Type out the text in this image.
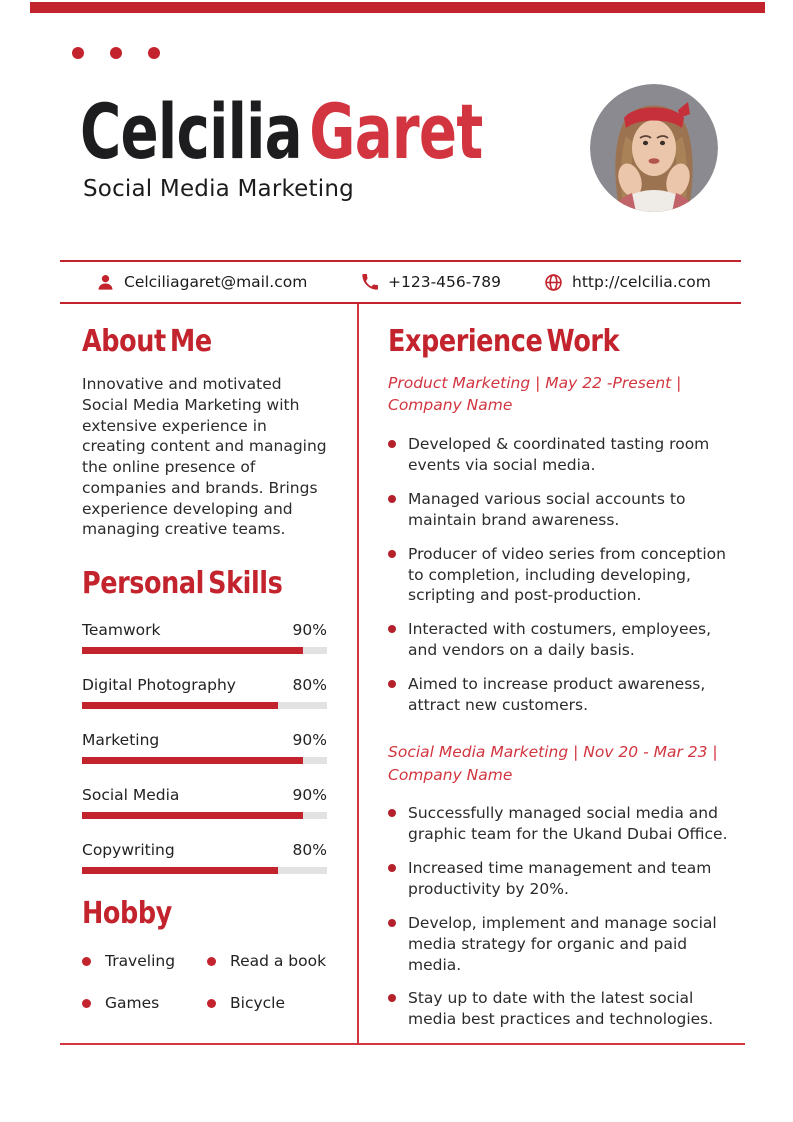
CelciliaGaret
Social Media Marketing
Celciliagaret@mail.com	+123-456-789	http://celcilia.com
About Me

Innovative and motivated Social Media Marketing with extensive experience in creating content and managing the online presence of companies and brands. Brings experience developing and managing creative teams.

Personal Skills
Teamwork	90%
Digital Photography	80%
Marketing	90%
Social Media	90%
Copywriting	80%
Hobby
Traveling	Read a book
Games	Bicycle
Experience Work
Product Marketing | May 22 -Present |
Company Name
Developed & coordinated tasting room events via social media.
Managed various social accounts to maintain brand awareness.
Producer of video series from conception to completion, including developing, scripting and post-production.
Interacted with costumers, employees, and vendors on a daily basis.
Aimed to increase product awareness, attract new customers.
Social Media Marketing | Nov 20 - Mar 23 |
Company Name
Successfully managed social media and graphic team for the Ukand Dubai Office.
Increased time management and team productivity by 20%.
Develop, implement and manage social media strategy for organic and paid media.
Stay up to date with the latest social media best practices and technologies.
